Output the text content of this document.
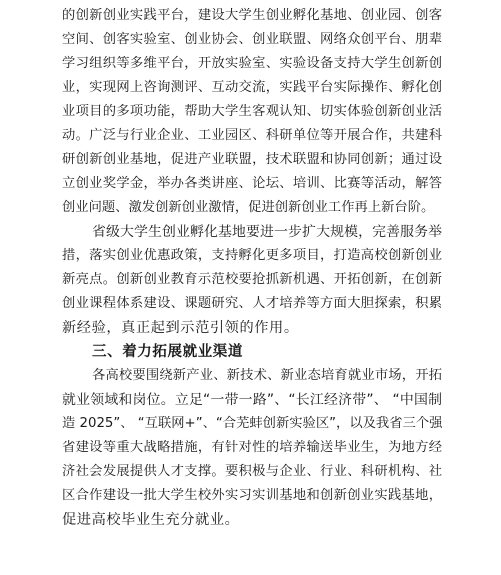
的创新创业实践平台，建设大学生创业孵化基地、创业园、创客
空间、创客实验室、创业协会、创业联盟、网络众创平台、朋辈
学习组织等多维平台，开放实验室、实验设备支持大学生创新创
业，实现网上咨询测评、互动交流，实践平台实际操作、孵化创
业项目的多项功能，帮助大学生客观认知、切实体验创新创业活
动。广泛与行业企业、工业园区、科研单位等开展合作，共建科
研创新创业基地，促进产业联盟，技术联盟和协同创新；通过设
立创业奖学金，举办各类讲座、论坛、培训、比赛等活动，解答
创业问题、激发创新创业激情，促进创新创业工作再上新台阶。
省级大学生创业孵化基地要进一步扩大规模，完善服务举
措，落实创业优惠政策，支持孵化更多项目，打造高校创新创业
新亮点。创新创业教育示范校要抢抓新机遇、开拓创新，在创新
创业课程体系建设、课题研究、人才培养等方面大胆探索，积累
新经验，真正起到示范引领的作用。
三、着力拓展就业渠道
各高校要围绕新产业、新技术、新业态培育就业市场，开拓
就业领域和岗位。立足“一带一路”、“长江经济带”、 “中国制
造 2025”、 “互联网+”、“合芜蚌创新实验区”，以及我省三个强
省建设等重大战略措施，有针对性的培养输送毕业生，为地方经
济社会发展提供人才支撑。要积极与企业、行业、科研机构、社
区合作建设一批大学生校外实习实训基地和创新创业实践基地，
促进高校毕业生充分就业。
